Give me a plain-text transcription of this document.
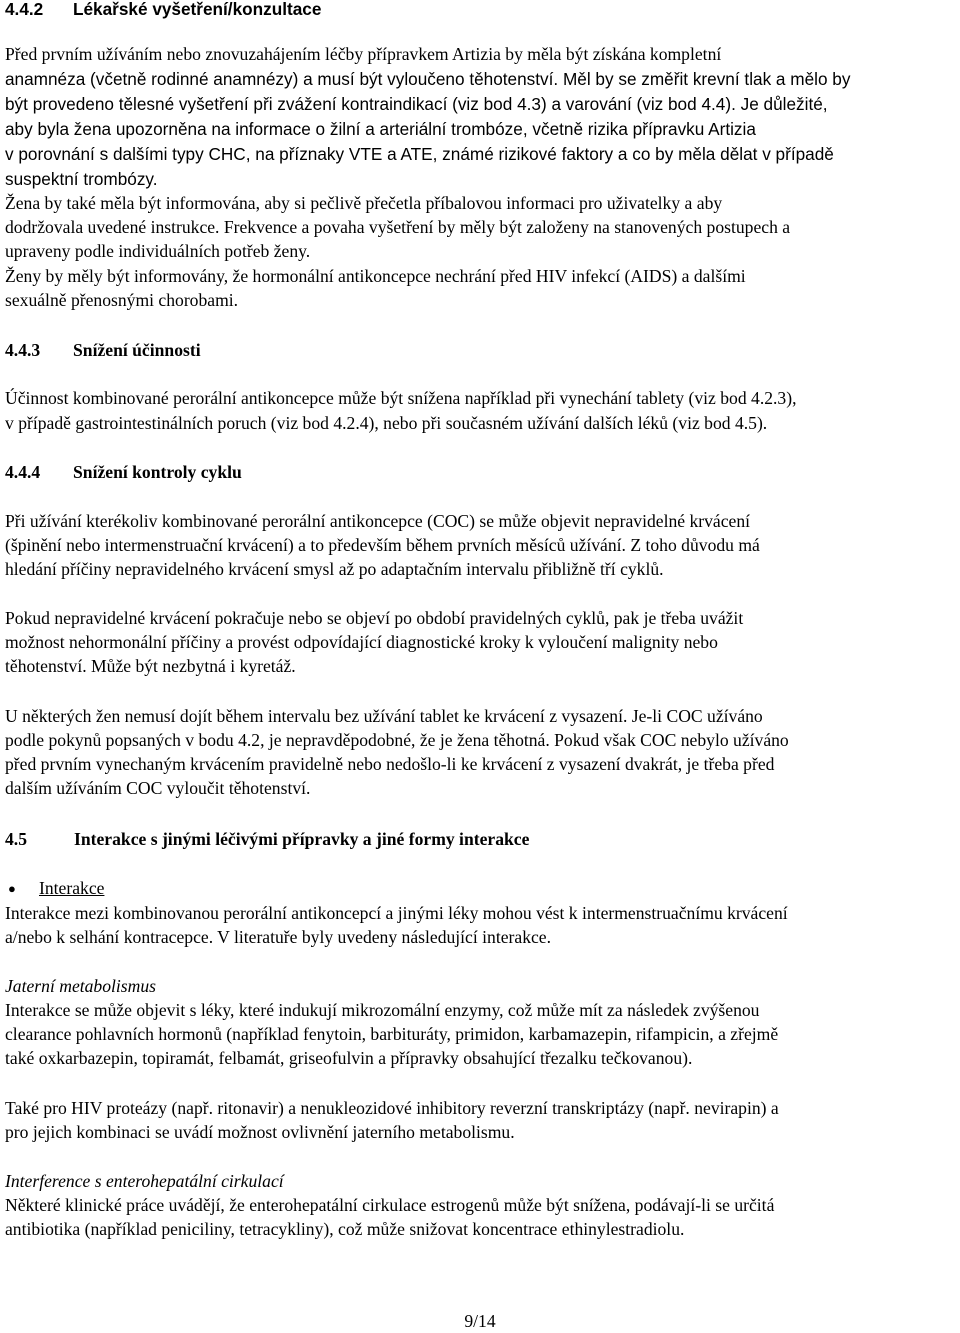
4.4.2 Lékařské vyšetření/konzultace
Před prvním užíváním nebo znovuzahájením léčby přípravkem Artizia by měla být získána kompletní
anamnéza (včetně rodinné anamnézy) a musí být vyloučeno těhotenství. Měl by se změřit krevní tlak a mělo by
být provedeno tělesné vyšetření při zvážení kontraindikací (viz bod 4.3) a varování (viz bod 4.4). Je důležité,
aby byla žena upozorněna na informace o žilní a arteriální trombóze, včetně rizika přípravku Artizia
v porovnání s dalšími typy CHC, na příznaky VTE a ATE, známé rizikové faktory a co by měla dělat v případě
suspektní trombózy.
Žena by také měla být informována, aby si pečlivě přečetla příbalovou informaci pro uživatelky a aby
dodržovala uvedené instrukce. Frekvence a povaha vyšetření by měly být založeny na stanovených postupech a
upraveny podle individuálních potřeb ženy.
Ženy by měly být informovány, že hormonální antikoncepce nechrání před HIV infekcí (AIDS) a dalšími
sexuálně přenosnými chorobami.
4.4.3 Snížení účinnosti
Účinnost kombinované perorální antikoncepce může být snížena například při vynechání tablety (viz bod 4.2.3),
v případě gastrointestinálních poruch (viz bod 4.2.4), nebo při současném užívání dalších léků (viz bod 4.5).
4.4.4 Snížení kontroly cyklu
Při užívání kterékoliv kombinované perorální antikoncepce (COC) se může objevit nepravidelné krvácení
(špinění nebo intermenstruační krvácení) a to především během prvních měsíců užívání. Z toho důvodu má
hledání příčiny nepravidelného krvácení smysl až po adaptačním intervalu přibližně tří cyklů.
Pokud nepravidelné krvácení pokračuje nebo se objeví po období pravidelných cyklů, pak je třeba uvážit
možnost nehormonální příčiny a provést odpovídající diagnostické kroky k vyloučení malignity nebo
těhotenství. Může být nezbytná i kyretáž.
U některých žen nemusí dojít během intervalu bez užívání tablet ke krvácení z vysazení. Je-li COC užíváno
podle pokynů popsaných v bodu 4.2, je nepravděpodobné, že je žena těhotná. Pokud však COC nebylo užíváno
před prvním vynechaným krvácením pravidelně nebo nedošlo-li ke krvácení z vysazení dvakrát, je třeba před
dalším užíváním COC vyloučit těhotenství.
4.5	Interakce s jinými léčivými přípravky a jiné formy interakce
● Interakce
Interakce mezi kombinovanou perorální antikoncepcí a jinými léky mohou vést k intermenstruačnímu krvácení
a/nebo k selhání kontracepce. V literatuře byly uvedeny následující interakce.
Jaterní metabolismus
Interakce se může objevit s léky, které indukují mikrozomální enzymy, což může mít za následek zvýšenou
clearance pohlavních hormonů (například fenytoin, barbituráty, primidon, karbamazepin, rifampicin, a zřejmě
také oxkarbazepin, topiramát, felbamát, griseofulvin a přípravky obsahující třezalku tečkovanou).
Také pro HIV proteázy (např. ritonavir) a nenukleozidové inhibitory reverzní transkriptázy (např. nevirapin) a
pro jejich kombinaci se uvádí možnost ovlivnění jaterního metabolismu.
Interference s enterohepatální cirkulací
Některé klinické práce uvádějí, že enterohepatální cirkulace estrogenů může být snížena, podávají-li se určitá
antibiotika (například peniciliny, tetracykliny), což může snižovat koncentrace ethinylestradiolu.
9/14
